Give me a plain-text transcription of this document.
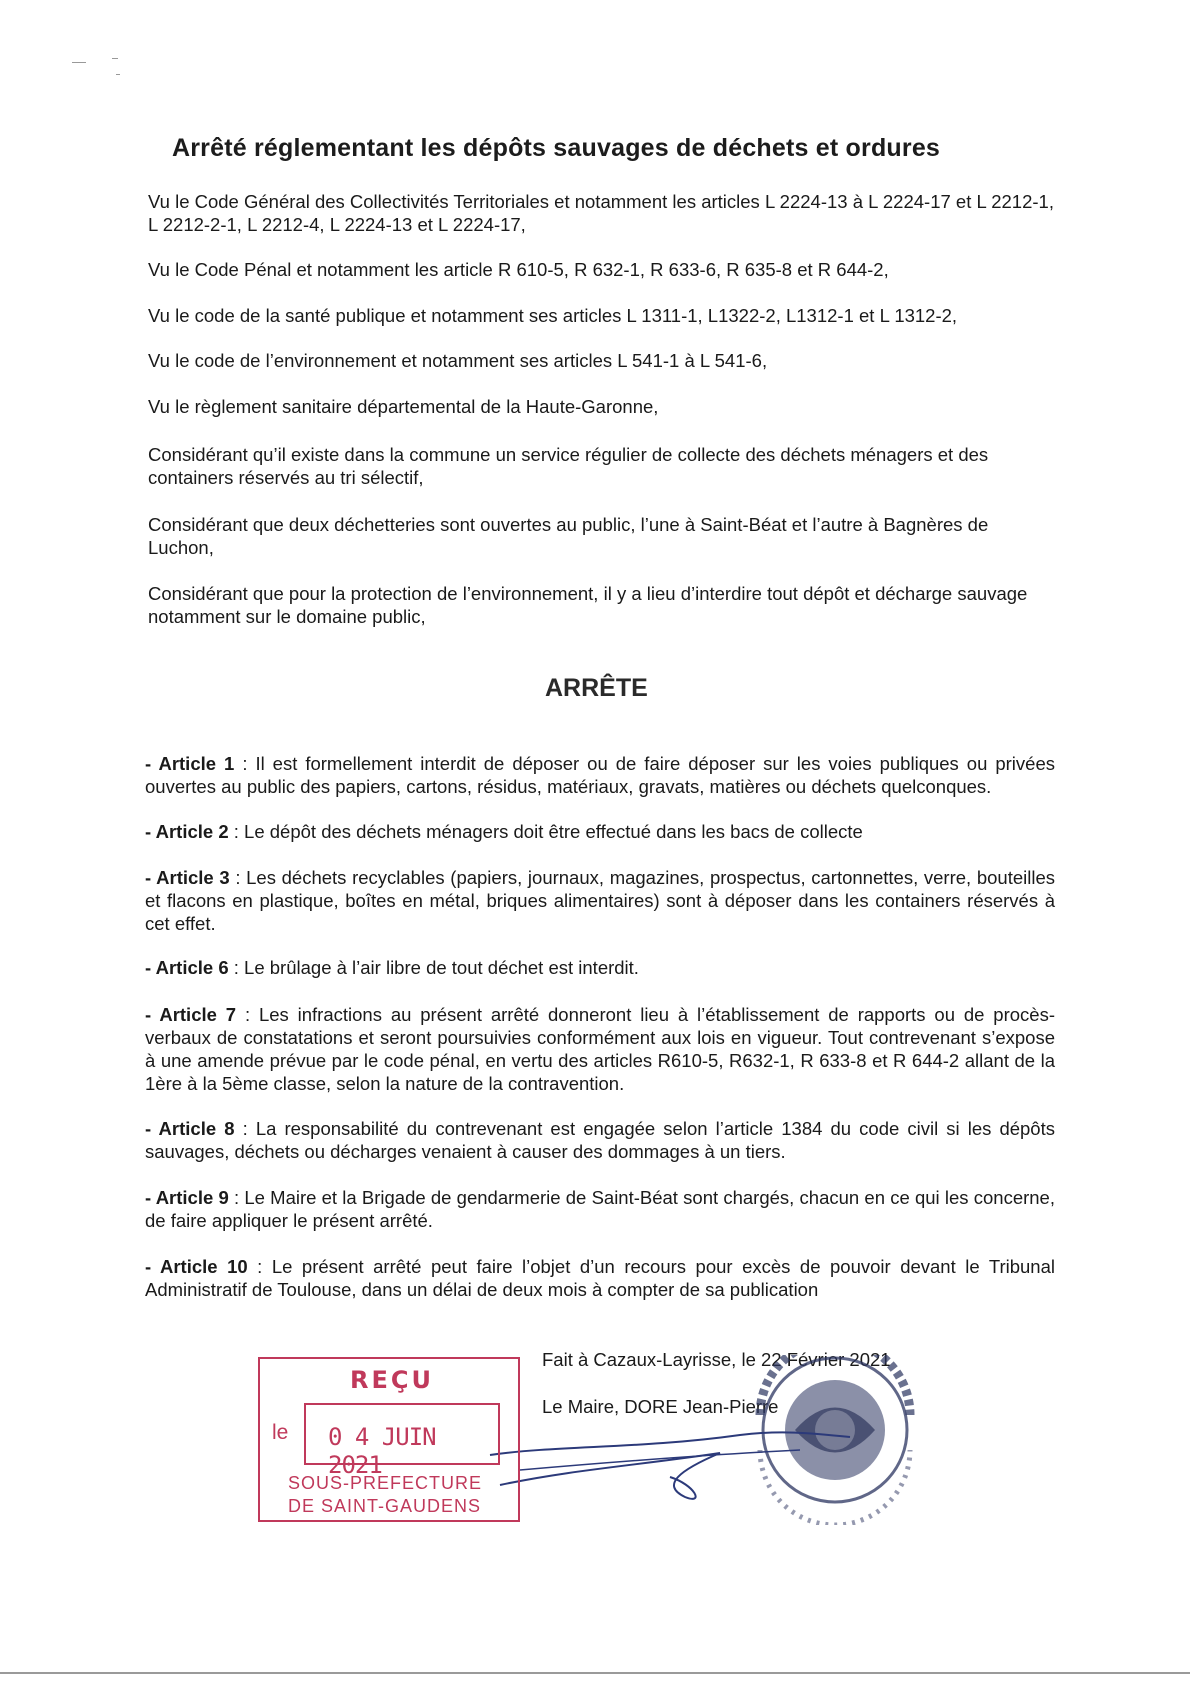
Arrêté réglementant les dépôts sauvages de déchets et ordures
Vu le Code Général des Collectivités Territoriales et notamment les articles L 2224-13 à L 2224-17 et L 2212-1, L 2212-2-1, L 2212-4, L 2224-13 et L 2224-17,
Vu le Code Pénal et notamment les article R 610-5, R 632-1, R 633-6, R 635-8 et R 644-2,
Vu le code de la santé publique et notamment ses articles L 1311-1, L1322-2, L1312-1 et L 1312-2,
Vu le code de l’environnement et notamment ses articles L 541-1 à L 541-6,
Vu le règlement sanitaire départemental de la Haute-Garonne,
Considérant qu’il existe dans la commune un service régulier de collecte des déchets ménagers et des containers réservés au tri sélectif,
Considérant que deux déchetteries sont ouvertes au public, l’une à Saint-Béat et l’autre à Bagnères de Luchon,
Considérant que pour la protection de l’environnement, il y a lieu d’interdire tout dépôt et décharge sauvage notamment sur le domaine public,
ARRÊTE
- Article 1 : Il est formellement interdit de déposer ou de faire déposer sur les voies publiques ou privées ouvertes au public des papiers, cartons, résidus, matériaux, gravats, matières ou déchets quelconques.
- Article 2 : Le dépôt des déchets ménagers doit être effectué dans les bacs de collecte
- Article 3 : Les déchets recyclables (papiers, journaux, magazines, prospectus, cartonnettes, verre, bouteilles et flacons en plastique, boîtes en métal, briques alimentaires) sont à déposer dans les containers réservés à cet effet.
- Article 6 : Le brûlage à l’air libre de tout déchet est interdit.
- Article 7 : Les infractions au présent arrêté donneront lieu à l’établissement de rapports ou de procès-verbaux de constatations et seront poursuivies conformément aux lois en vigueur. Tout contrevenant s’expose à une amende prévue par le code pénal, en vertu des articles R610-5, R632-1, R 633-8 et R 644-2 allant de la 1ère à la 5ème classe, selon la nature de la contravention.
- Article 8 : La responsabilité du contrevenant est engagée selon l’article 1384 du code civil si les dépôts sauvages, déchets ou décharges venaient à causer des dommages à un tiers.
- Article 9 : Le Maire et la Brigade de gendarmerie de Saint-Béat sont chargés, chacun en ce qui les concerne, de faire appliquer le présent arrêté.
- Article 10 : Le présent arrêté peut faire l’objet d’un recours pour excès de pouvoir devant le Tribunal Administratif de Toulouse, dans un délai de deux mois à compter de sa publication
Fait à Cazaux-Layrisse, le 22 Février 2021
Le Maire, DORE Jean-Pierre
REÇU
le 0 4 JUIN 2021
SOUS-PREFECTURE
DE SAINT-GAUDENS
